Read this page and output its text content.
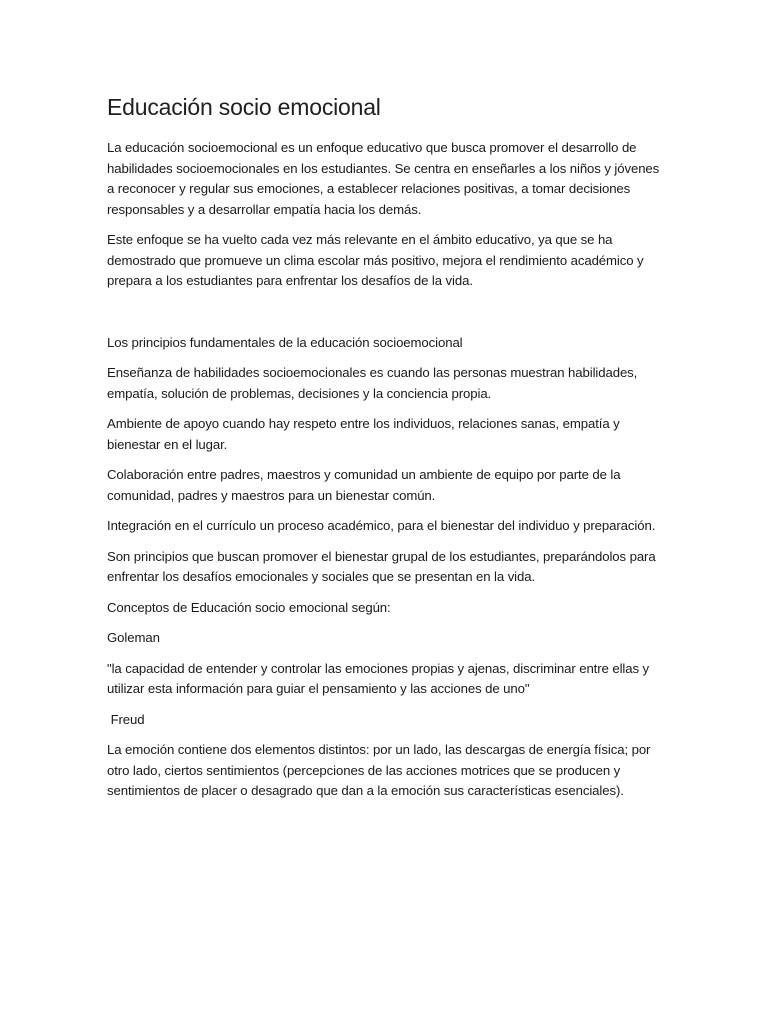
Educación socio emocional

La educación socioemocional es un enfoque educativo que busca promover el desarrollo de habilidades socioemocionales en los estudiantes. Se centra en enseñarles a los niños y jóvenes a reconocer y regular sus emociones, a establecer relaciones positivas, a tomar decisiones responsables y a desarrollar empatía hacia los demás.

Este enfoque se ha vuelto cada vez más relevante en el ámbito educativo, ya que se ha demostrado que promueve un clima escolar más positivo, mejora el rendimiento académico y prepara a los estudiantes para enfrentar los desafíos de la vida.

Los principios fundamentales de la educación socioemocional

Enseñanza de habilidades socioemocionales es cuando las personas muestran habilidades, empatía, solución de problemas, decisiones y la conciencia propia.

Ambiente de apoyo cuando hay respeto entre los individuos, relaciones sanas, empatía y bienestar en el lugar.

Colaboración entre padres, maestros y comunidad un ambiente de equipo por parte de la comunidad, padres y maestros para un bienestar común.

Integración en el currículo un proceso académico, para el bienestar del individuo y preparación.

Son principios que buscan promover el bienestar grupal de los estudiantes, preparándolos para enfrentar los desafíos emocionales y sociales que se presentan en la vida.

Conceptos de Educación socio emocional según:

Goleman

"la capacidad de entender y controlar las emociones propias y ajenas, discriminar entre ellas y utilizar esta información para guiar el pensamiento y las acciones de uno"

Freud

La emoción contiene dos elementos distintos: por un lado, las descargas de energía física; por otro lado, ciertos sentimientos (percepciones de las acciones motrices que se producen y sentimientos de placer o desagrado que dan a la emoción sus características esenciales).
